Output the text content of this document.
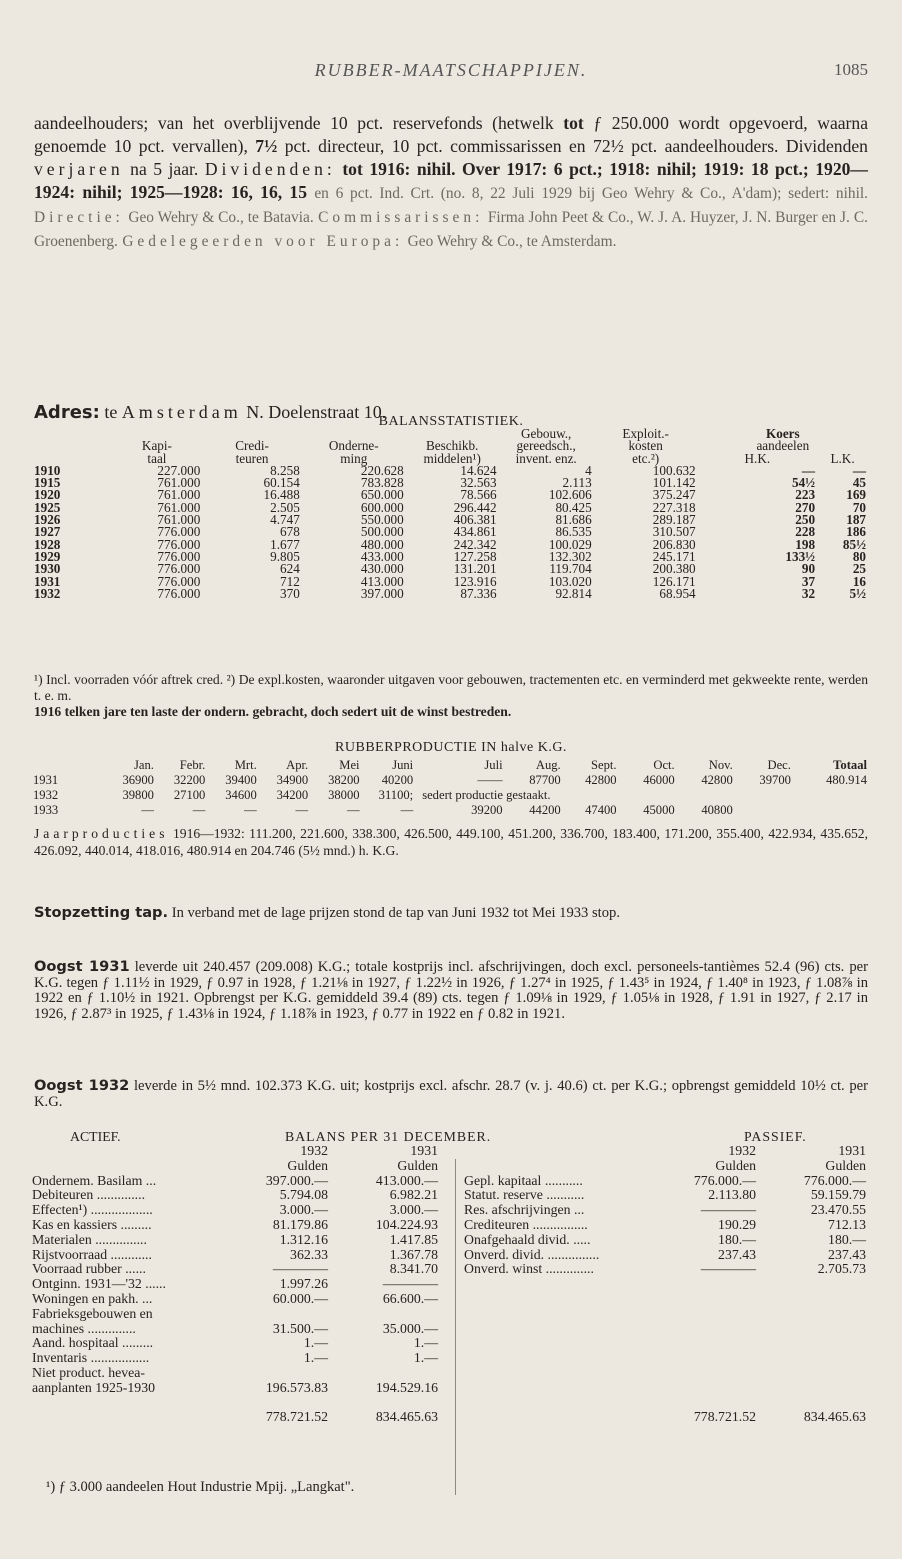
RUBBER-MAATSCHAPPIJEN.	1085
aandeelhouders; van het overblijvende 10 pct. reservefonds (hetwelk tot ƒ 250.000 wordt opgevoerd, waarna genoemde 10 pct. vervallen), 7½ pct. directeur, 10 pct. commissarissen en 72½ pct. aandeelhouders. Dividenden verjaren na 5 jaar. Dividenden: tot 1916: nihil. Over 1917: 6 pct.; 1918: nihil; 1919: 18 pct.; 1920—1924: nihil; 1925—1928: 16, 16, 15 en 6 pct. Ind. Crt. (no. 8, 22 Juli 1929 bij Geo Wehry & Co., A'dam); sedert: nihil. Directie: Geo Wehry & Co., te Batavia. Commissarissen: Firma John Peet & Co., W. J. A. Huyzer, J. N. Burger en J. C. Groenenberg. Gedelegeerden voor Europa: Geo Wehry & Co., te Amsterdam.
Adres: te Amsterdam N. Doelenstraat 10.
BALANSSTATISTIEK.
					Gebouw.,	Exploit.-	Koers	
	Kapi-	Credi-	Onderne-	Beschikb.	gereedsch.,	kosten	aandeelen	
	taal	teuren	ming	middelen¹)	invent. enz.	etc.²)	H.K.	L.K.
1910	227.000	8.258	220.628	14.624	4	100.632	—	—
1915	761.000	60.154	783.828	32.563	2.113	101.142	54½	45
1920	761.000	16.488	650.000	78.566	102.606	375.247	223	169
1925	761.000	2.505	600.000	296.442	80.425	227.318	270	70
1926	761.000	4.747	550.000	406.381	81.686	289.187	250	187
1927	776.000	678	500.000	434.861	86.535	310.507	228	186
1928	776.000	1.677	480.000	242.342	100.029	206.830	198	85½
1929	776.000	9.805	433.000	127.258	132.302	245.171	133½	80
1930	776.000	624	430.000	131.201	119.704	200.380	90	25
1931	776.000	712	413.000	123.916	103.020	126.171	37	16
1932	776.000	370	397.000	87.336	92.814	68.954	32	5½
¹) Incl. voorraden vóór aftrek cred. ²) De expl.kosten, waaronder uitgaven voor gebouwen, tractementen etc. en verminderd met gekweekte rente, werden t. e. m.
1916 telken jare ten laste der ondern. gebracht, doch sedert uit de winst bestreden.
RUBBERPRODUCTIE IN halve K.G.
	Jan.	Febr.	Mrt.	Apr.	Mei	Juni	Juli	Aug.	Sept.	Oct.	Nov.	Dec.	Totaal
1931	36900	32200	39400	34900	38200	40200	——	87700	42800	46000	42800	39700	480.914
1932	39800	27100	34600	34200	38000	31100;	sedert productie gestaakt.						
1933	—	—	—	—	—	—	39200	44200	47400	45000	40800		
Jaarproducties 1916—1932: 111.200, 221.600, 338.300, 426.500, 449.100, 451.200, 336.700, 183.400, 171.200, 355.400, 422.934, 435.652, 426.092, 440.014, 418.016, 480.914 en 204.746 (5½ mnd.) h. K.G.
Stopzetting tap. In verband met de lage prijzen stond de tap van Juni 1932 tot Mei 1933 stop.
Oogst 1931 leverde uit 240.457 (209.008) K.G.; totale kostprijs incl. afschrijvingen, doch excl. personeels-tantièmes 52.4 (96) cts. per K.G. tegen ƒ 1.11½ in 1929, ƒ 0.97 in 1928, ƒ 1.21⅛ in 1927, ƒ 1.22½ in 1926, ƒ 1.27⁴ in 1925, ƒ 1.43⁵ in 1924, ƒ 1.40⁸ in 1923, ƒ 1.08⅞ in 1922 en ƒ 1.10½ in 1921. Opbrengst per K.G. gemiddeld 39.4 (89) cts. tegen ƒ 1.09⅛ in 1929, ƒ 1.05⅛ in 1928, ƒ 1.91 in 1927, ƒ 2.17 in 1926, ƒ 2.87³ in 1925, ƒ 1.43⅛ in 1924, ƒ 1.18⅞ in 1923, ƒ 0.77 in 1922 en ƒ 0.82 in 1921.
Oogst 1932 leverde in 5½ mnd. 102.373 K.G. uit; kostprijs excl. afschr. 28.7 (v. j. 40.6) ct. per K.G.; opbrengst gemiddeld 10½ ct. per K.G.
ACTIEF.	BALANS PER 31 DECEMBER.	PASSIEF.
1932	1931
Gulden	Gulden
Ondernem. Basilam ...	397.000.—	413.000.—
Debiteuren ..............	5.794.08	6.982.21
Effecten¹) ..................	3.000.—	3.000.—
Kas en kassiers .........	81.179.86	104.224.93
Materialen ...............	1.312.16	1.417.85
Rijstvoorraad ............	362.33	1.367.78
Voorraad rubber ......	————	8.341.70
Ontginn. 1931—'32 ......	1.997.26	————
Woningen en pakh. ...	60.000.—	66.600.—
Fabrieksgebouwen en
machines ..............	31.500.—	35.000.—
Aand. hospitaal .........	1.—	1.—
Inventaris .................	1.—	1.—
Niet product. hevea-
aanplanten 1925-1930	196.573.83	194.529.16
778.721.52	834.465.63
1932	1931
Gulden	Gulden
Gepl. kapitaal ...........	776.000.—	776.000.—
Statut. reserve ...........	2.113.80	59.159.79
Res. afschrijvingen ...	————	23.470.55
Crediteuren ................	190.29	712.13
Onafgehaald divid. .....	180.—	180.—
Onverd. divid. ...............	237.43	237.43
Onverd. winst ..............	————	2.705.73
778.721.52	834.465.63
¹) ƒ 3.000 aandeelen Hout Industrie Mpij. „Langkat".
